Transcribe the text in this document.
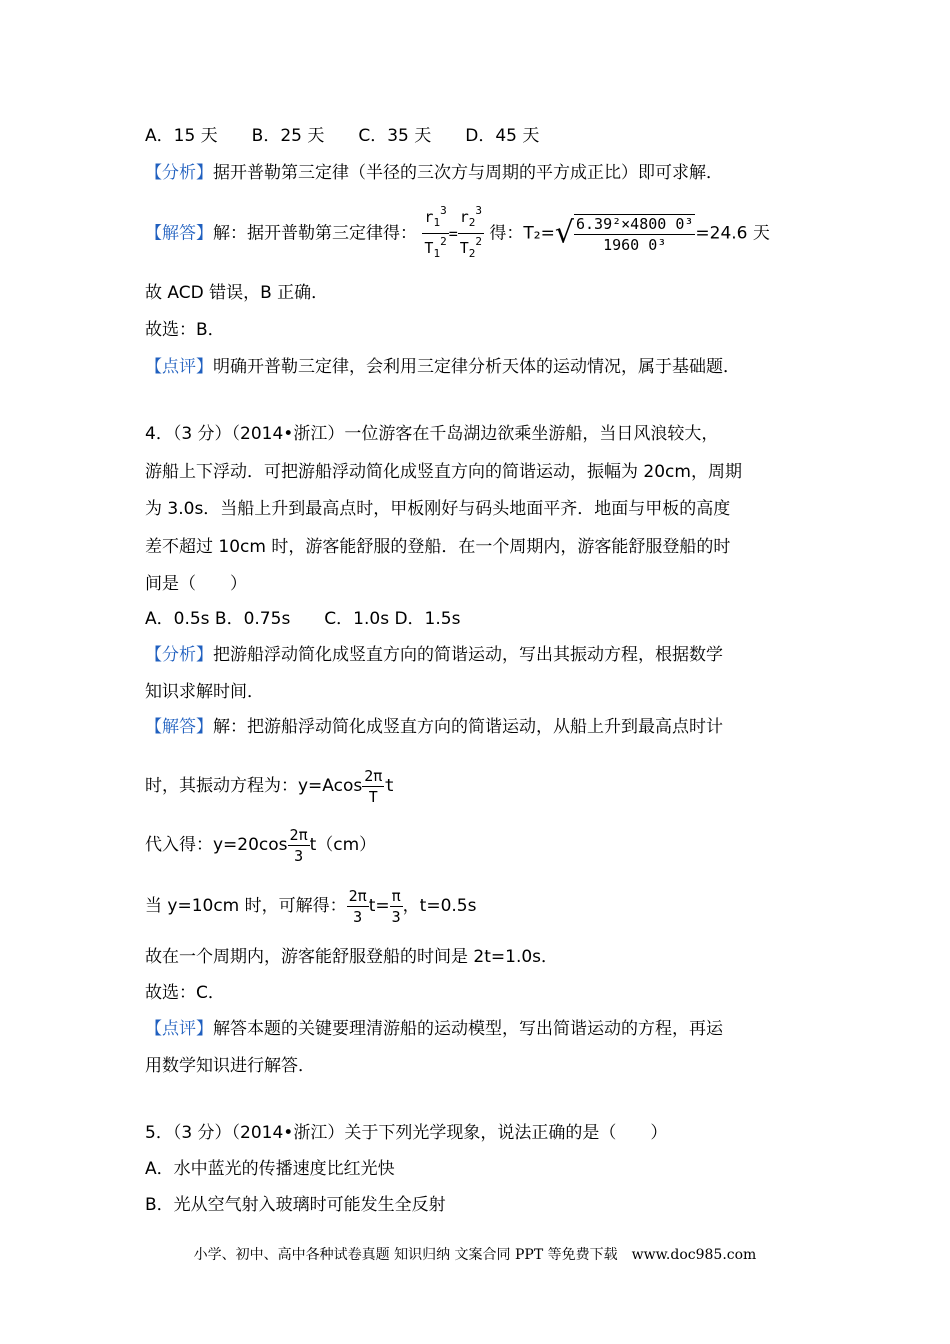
A．15 天　　B．25 天　　C．35 天　　D．45 天
【分析】据开普勒第三定律（半径的三次方与周期的平方成正比）即可求解．
【解答】解：据开普勒第三定律得： $\frac{r_1^3}{T_1^2} = \frac{r_2^3}{T_2^2}$ 得：$T_2=√ \frac{\text{6.39²×4800 0³}}{\text{1960 0³}} =24.6$ 天
故 ACD 错误，B 正确．
故选：B．
【点评】明确开普勒三定律，会利用三定律分析天体的运动情况，属于基础题．
4．（3 分）（2014•浙江）一位游客在千岛湖边欲乘坐游船，当日风浪较大，
游船上下浮动．可把游船浮动简化成竖直方向的简谐运动，振幅为 20cm，周期
为 3.0s．当船上升到最高点时，甲板刚好与码头地面平齐．地面与甲板的高度
差不超过 10cm 时，游客能舒服的登船．在一个周期内，游客能舒服登船的时
间是（　　）
A．0.5s B．0.75s　　C．1.0s D．1.5s
【分析】把游船浮动简化成竖直方向的简谐运动，写出其振动方程，根据数学
知识求解时间．
【解答】解：把游船浮动简化成竖直方向的简谐运动，从船上升到最高点时计
时，其振动方程为：$y=Acos \frac{2\pi}{T}$ t
代入得：$y=20\cos \frac{2\pi}{3} t(cm)$
当 y=10cm 时，可解得： $\frac{2\pi}{3} t= \frac{\pi}{3}$ ，t=0.5s
故在一个周期内，游客能舒服登船的时间是 2t=1.0s．
故选：C．
【点评】解答本题的关键要理清游船的运动模型，写出简谐运动的方程，再运
用数学知识进行解答．
5．（3 分）（2014•浙江）关于下列光学现象，说法正确的是（　　）
A．水中蓝光的传播速度比红光快
B．光从空气射入玻璃时可能发生全反射
小学、初中、高中各种试卷真题 知识归纳 文案合同 PPT 等免费下载　www.doc985.com
